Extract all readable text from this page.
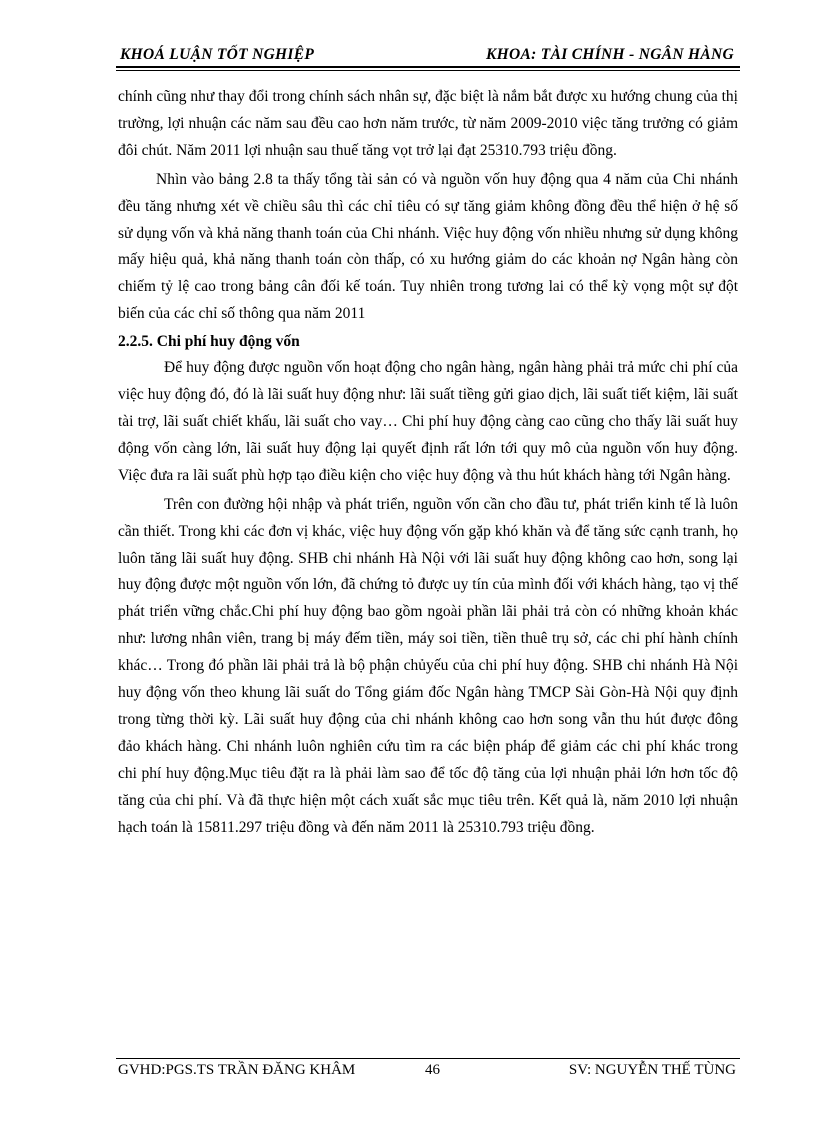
KHOÁ LUẬN TỐT NGHIỆP	KHOA: TÀI CHÍNH - NGÂN HÀNG

chính cũng như thay đổi trong chính sách nhân sự, đặc biệt là nắm bắt được xu hướng chung của thị trường, lợi nhuận các năm sau đều cao hơn năm trước, từ năm 2009-2010 việc tăng trưởng có giảm đôi chút. Năm 2011 lợi nhuận sau thuế tăng vọt trở lại đạt 25310.793 triệu đồng.

Nhìn vào bảng 2.8 ta thấy tổng tài sản có và nguồn vốn huy động qua 4 năm của Chi nhánh đều tăng nhưng xét về chiều sâu thì các chỉ tiêu có sự tăng giảm không đồng đều thể hiện ở hệ số sử dụng vốn và khả năng thanh toán của Chi nhánh. Việc huy động vốn nhiều nhưng sử dụng không mấy hiệu quả, khả năng thanh toán còn thấp, có xu hướng giảm do các khoản nợ Ngân hàng còn chiếm tỷ lệ cao trong bảng cân đối kế toán. Tuy nhiên trong tương lai có thể kỳ vọng một sự đột biến của các chỉ số thông qua năm 2011

2.2.5. Chi phí huy động vốn

Để huy động được nguồn vốn hoạt động cho ngân hàng, ngân hàng phải trả mức chi phí của việc huy động đó, đó là lãi suất huy động như: lãi suất tiềng gửi giao dịch, lãi suất tiết kiệm, lãi suất tài trợ, lãi suất chiết khấu, lãi suất cho vay… Chi phí huy động càng cao cũng cho thấy lãi suất huy động vốn càng lớn, lãi suất huy động lại quyết định rất lớn tới quy mô của nguồn vốn huy động. Việc đưa ra lãi suất phù hợp tạo điều kiện cho việc huy động và thu hút khách hàng tới Ngân hàng.

Trên con đường hội nhập và phát triển, nguồn vốn cần cho đầu tư, phát triển kinh tế là luôn cần thiết. Trong khi các đơn vị khác, việc huy động vốn gặp khó khăn và để tăng sức cạnh tranh, họ luôn tăng lãi suất huy động. SHB chi nhánh Hà Nội với lãi suất huy động không cao hơn, song lại huy động được một nguồn vốn lớn, đã chứng tỏ được uy tín của mình đối với khách hàng, tạo vị thế phát triển vững chắc.Chi phí huy động bao gồm ngoài phần lãi phải trả còn có những khoản khác như: lương nhân viên, trang bị máy đếm tiền, máy soi tiền, tiền thuê trụ sở, các chi phí hành chính khác… Trong đó phần lãi phải trả là bộ phận chủyếu của chi phí huy động. SHB chi nhánh Hà Nội huy động vốn theo khung lãi suất do Tổng giám đốc Ngân hàng TMCP Sài Gòn-Hà Nội quy định trong từng thời kỳ. Lãi suất huy động của chi nhánh không cao hơn song vẫn thu hút được đông đảo khách hàng. Chi nhánh luôn nghiên cứu tìm ra các biện pháp để giảm các chi phí khác trong chi phí huy động.Mục tiêu đặt ra là phải làm sao để tốc độ tăng của lợi nhuận phải lớn hơn tốc độ tăng của chi phí. Và đã thực hiện một cách xuất sắc mục tiêu trên. Kết quả là, năm 2010 lợi nhuận hạch toán là 15811.297 triệu đồng và đến năm 2011 là 25310.793 triệu đồng.

GVHD:PGS.TS TRẦN ĐĂNG KHÂM	46	SV: NGUYỄN THẾ TÙNG
